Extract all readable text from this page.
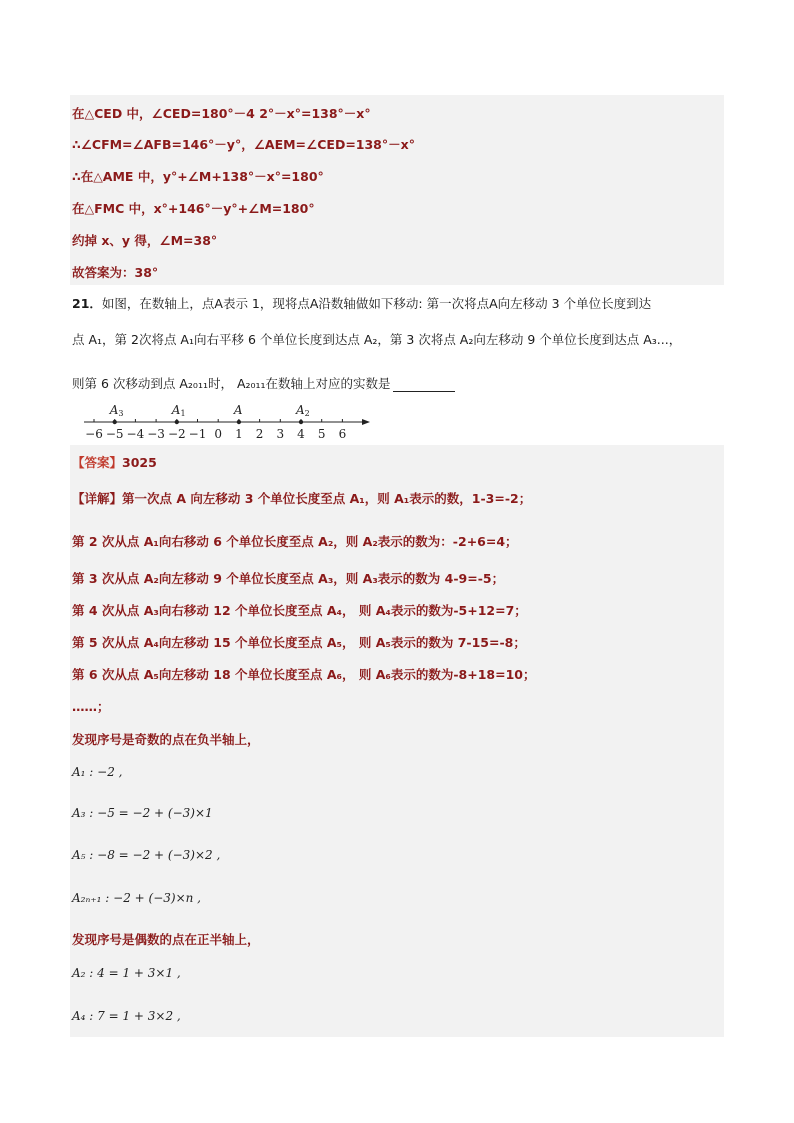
在△CED 中，∠CED=180°－4 2°－x°=138°－x°
∴∠CFM=∠AFB=146°－y°，∠AEM=∠CED=138°－x°
∴在△AME 中，y°+∠M+138°－x°=180°
在△FMC 中，x°+146°－y°+∠M=180°
约掉 x、y 得，∠M=38°
故答案为：38°
21．如图，在数轴上，点A表示 1，现将点A沿数轴做如下移动: 第一次将点A向左移动 3 个单位长度到达
点 A₁，第 2次将点 A₁向右平移 6 个单位长度到达点 A₂，第 3 次将点 A₂向左移动 9 个单位长度到达点 A₃...，
则第 6 次移动到点 A₂₀₁₁时， A₂₀₁₁在数轴上对应的实数是
−6 −5 −4 −3 −2 −1 0 1 2 3 4 5 6
A3	A1	A	A2
【答案】3025
【详解】第一次点 A 向左移动 3 个单位长度至点 A₁，则 A₁表示的数，1-3=-2；
第 2 次从点 A₁向右移动 6 个单位长度至点 A₂，则 A₂表示的数为：-2+6=4；
第 3 次从点 A₂向左移动 9 个单位长度至点 A₃，则 A₃表示的数为 4-9=-5；
第 4 次从点 A₃向右移动 12 个单位长度至点 A₄， 则 A₄表示的数为-5+12=7；
第 5 次从点 A₄向左移动 15 个单位长度至点 A₅， 则 A₅表示的数为 7-15=-8；
第 6 次从点 A₅向左移动 18 个单位长度至点 A₆， 则 A₆表示的数为-8+18=10；
……；
发现序号是奇数的点在负半轴上，
A₁ : −2 ,
A₃ : −5 = −2 + (−3)×1
A₅ : −8 = −2 + (−3)×2 ,
A₂ₙ₊₁ : −2 + (−3)×n ,
发现序号是偶数的点在正半轴上，
A₂ : 4 = 1 + 3×1 ,
A₄ : 7 = 1 + 3×2 ,
